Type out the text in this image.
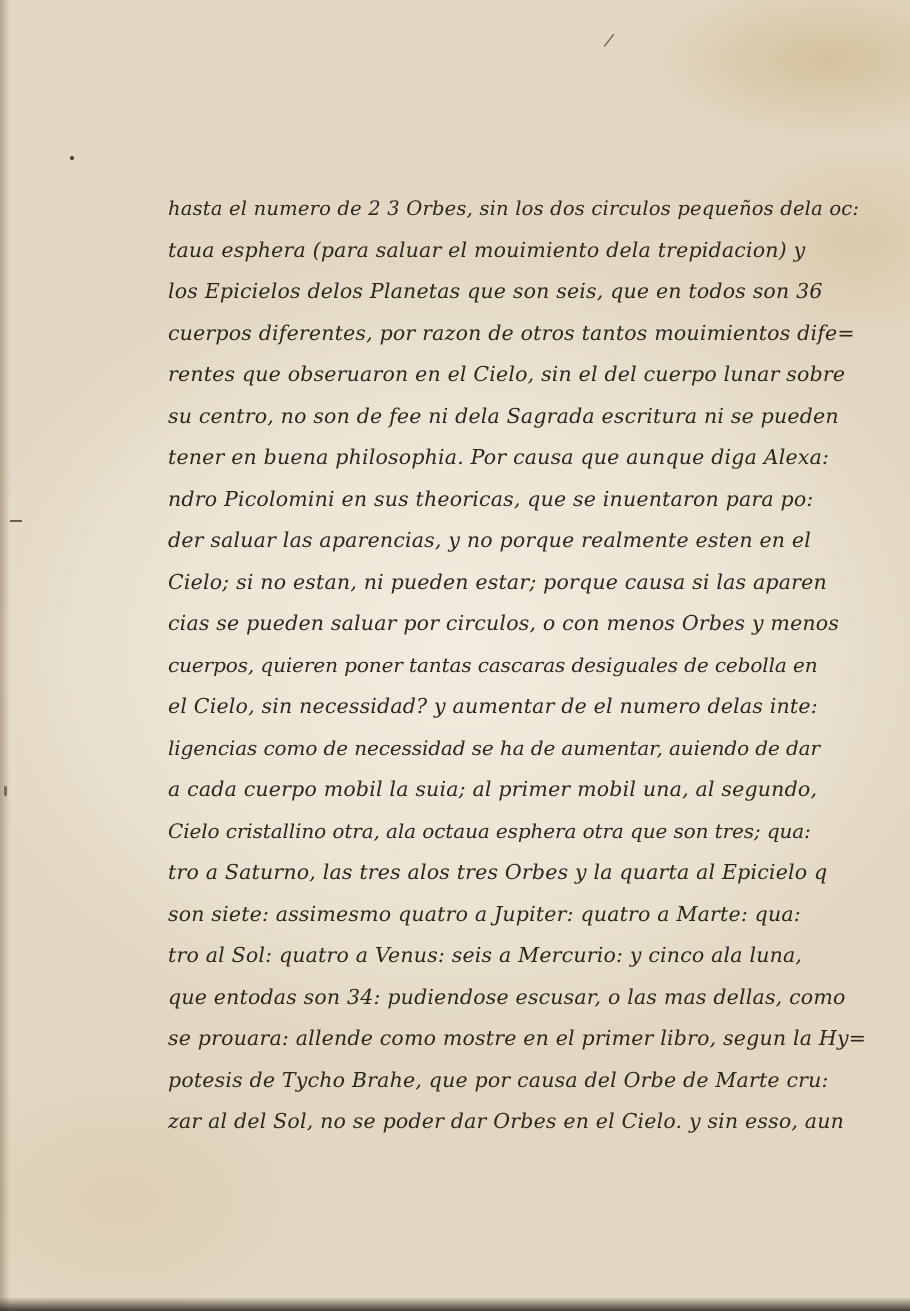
/
hasta el numero de 2 3 Orbes, sin los dos circulos pequeños dela oc:
taua esphera (para saluar el mouimiento dela trepidacion) y
los Epicielos delos Planetas que son seis, que en todos son 36
cuerpos diferentes, por razon de otros tantos mouimientos dife=
rentes que obseruaron en el Cielo, sin el del cuerpo lunar sobre
su centro, no son de fee ni dela Sagrada escritura ni se pueden
tener en buena philosophia. Por causa que aunque diga Alexa:
ndro Picolomini en sus theoricas, que se inuentaron para po:
der saluar las aparencias, y no porque realmente esten en el
Cielo; si no estan, ni pueden estar; porque causa si las aparen
cias se pueden saluar por circulos, o con menos Orbes y menos
cuerpos, quieren poner tantas cascaras desiguales de cebolla en
el Cielo, sin necessidad? y aumentar de el numero delas inte:
ligencias como de necessidad se ha de aumentar, auiendo de dar
a cada cuerpo mobil la suia; al primer mobil una, al segundo,
Cielo cristallino otra, ala octaua esphera otra que son tres; qua:
tro a Saturno, las tres alos tres Orbes y la quarta al Epicielo q
son siete: assimesmo quatro a Jupiter: quatro a Marte: qua:
tro al Sol: quatro a Venus: seis a Mercurio: y cinco ala luna,
que entodas son 34: pudiendose escusar, o las mas dellas, como
se prouara: allende como mostre en el primer libro, segun la Hy=
potesis de Tycho Brahe, que por causa del Orbe de Marte cru:
zar al del Sol, no se poder dar Orbes en el Cielo. y sin esso, aun
